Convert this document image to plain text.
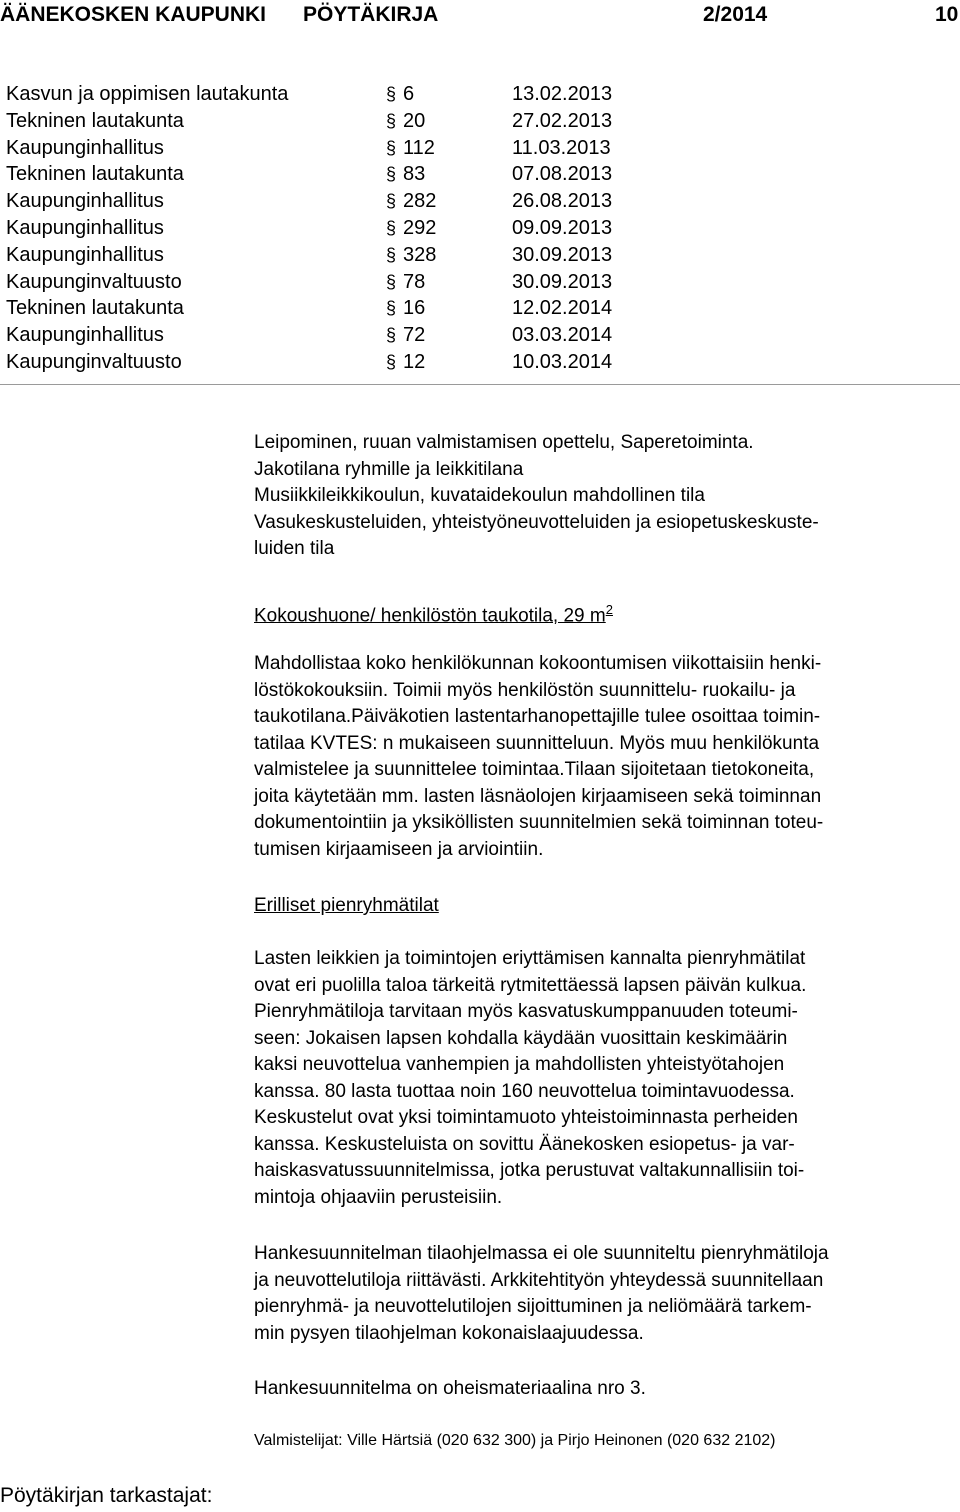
ÄÄNEKOSKEN KAUPUNKI PÖYTÄKIRJA	2/2014	10
Kasvun ja oppimisen lautakunta	§ 6	13.02.2013
Tekninen lautakunta	§ 20	27.02.2013
Kaupunginhallitus	§ 112	11.03.2013
Tekninen lautakunta	§ 83	07.08.2013
Kaupunginhallitus	§ 282	26.08.2013
Kaupunginhallitus	§ 292	09.09.2013
Kaupunginhallitus	§ 328	30.09.2013
Kaupunginvaltuusto	§ 78	30.09.2013
Tekninen lautakunta	§ 16	12.02.2014
Kaupunginhallitus	§ 72	03.03.2014
Kaupunginvaltuusto	§ 12	10.03.2014

Leipominen, ruuan valmistamisen opettelu, Saperetoiminta.

Jakotilana ryhmille ja leikkitilana

Musiikkileikkikoulun, kuvataidekoulun mahdollinen tila

Vasukeskusteluiden, yhteistyöneuvotteluiden ja esiopetuskeskuste-

luiden tila

Kokoushuone/ henkilöstön taukotila, 29 $m^2$

Mahdollistaa koko henkilökunnan kokoontumisen viikottaisiin henki-

löstökokouksiin. Toimii myös henkilöstön suunnittelu- ruokailu- ja

taukotilana.Päiväkotien lastentarhanopettajille tulee osoittaa toimin-

tatilaa KVTES: n mukaiseen suunnitteluun. Myös muu henkilökunta

valmistelee ja suunnittelee toimintaa.Tilaan sijoitetaan tietokoneita,

joita käytetään mm. lasten läsnäolojen kirjaamiseen sekä toiminnan

dokumentointiin ja yksiköllisten suunnitelmien sekä toiminnan toteu-

tumisen kirjaamiseen ja arviointiin.

Erilliset pienryhmätilat

Lasten leikkien ja toimintojen eriyttämisen kannalta pienryhmätilat

ovat eri puolilla taloa tärkeitä rytmitettäessä lapsen päivän kulkua.

Pienryhmätiloja tarvitaan myös kasvatuskumppanuuden toteumi-

seen: Jokaisen lapsen kohdalla käydään vuosittain keskimäärin

kaksi neuvottelua vanhempien ja mahdollisten yhteistyötahojen

kanssa. 80 lasta tuottaa noin 160 neuvottelua toimintavuodessa.

Keskustelut ovat yksi toimintamuoto yhteistoiminnasta perheiden

kanssa. Keskusteluista on sovittu Äänekosken esiopetus- ja var-

haiskasvatussuunnitelmissa, jotka perustuvat valtakunnallisiin toi-

mintoja ohjaaviin perusteisiin.

Hankesuunnitelman tilaohjelmassa ei ole suunniteltu pienryhmätiloja

ja neuvottelutiloja riittävästi. Arkkitehtityön yhteydessä suunnitellaan

pienryhmä- ja neuvottelutilojen sijoittuminen ja neliömäärä tarkem-

min pysyen tilaohjelman kokonaislaajuudessa.

Hankesuunnitelma on oheismateriaalina nro 3.

Valmistelijat: Ville Härtsiä (020 632 300) ja Pirjo Heinonen (020 632 2102)
Pöytäkirjan tarkastajat:
